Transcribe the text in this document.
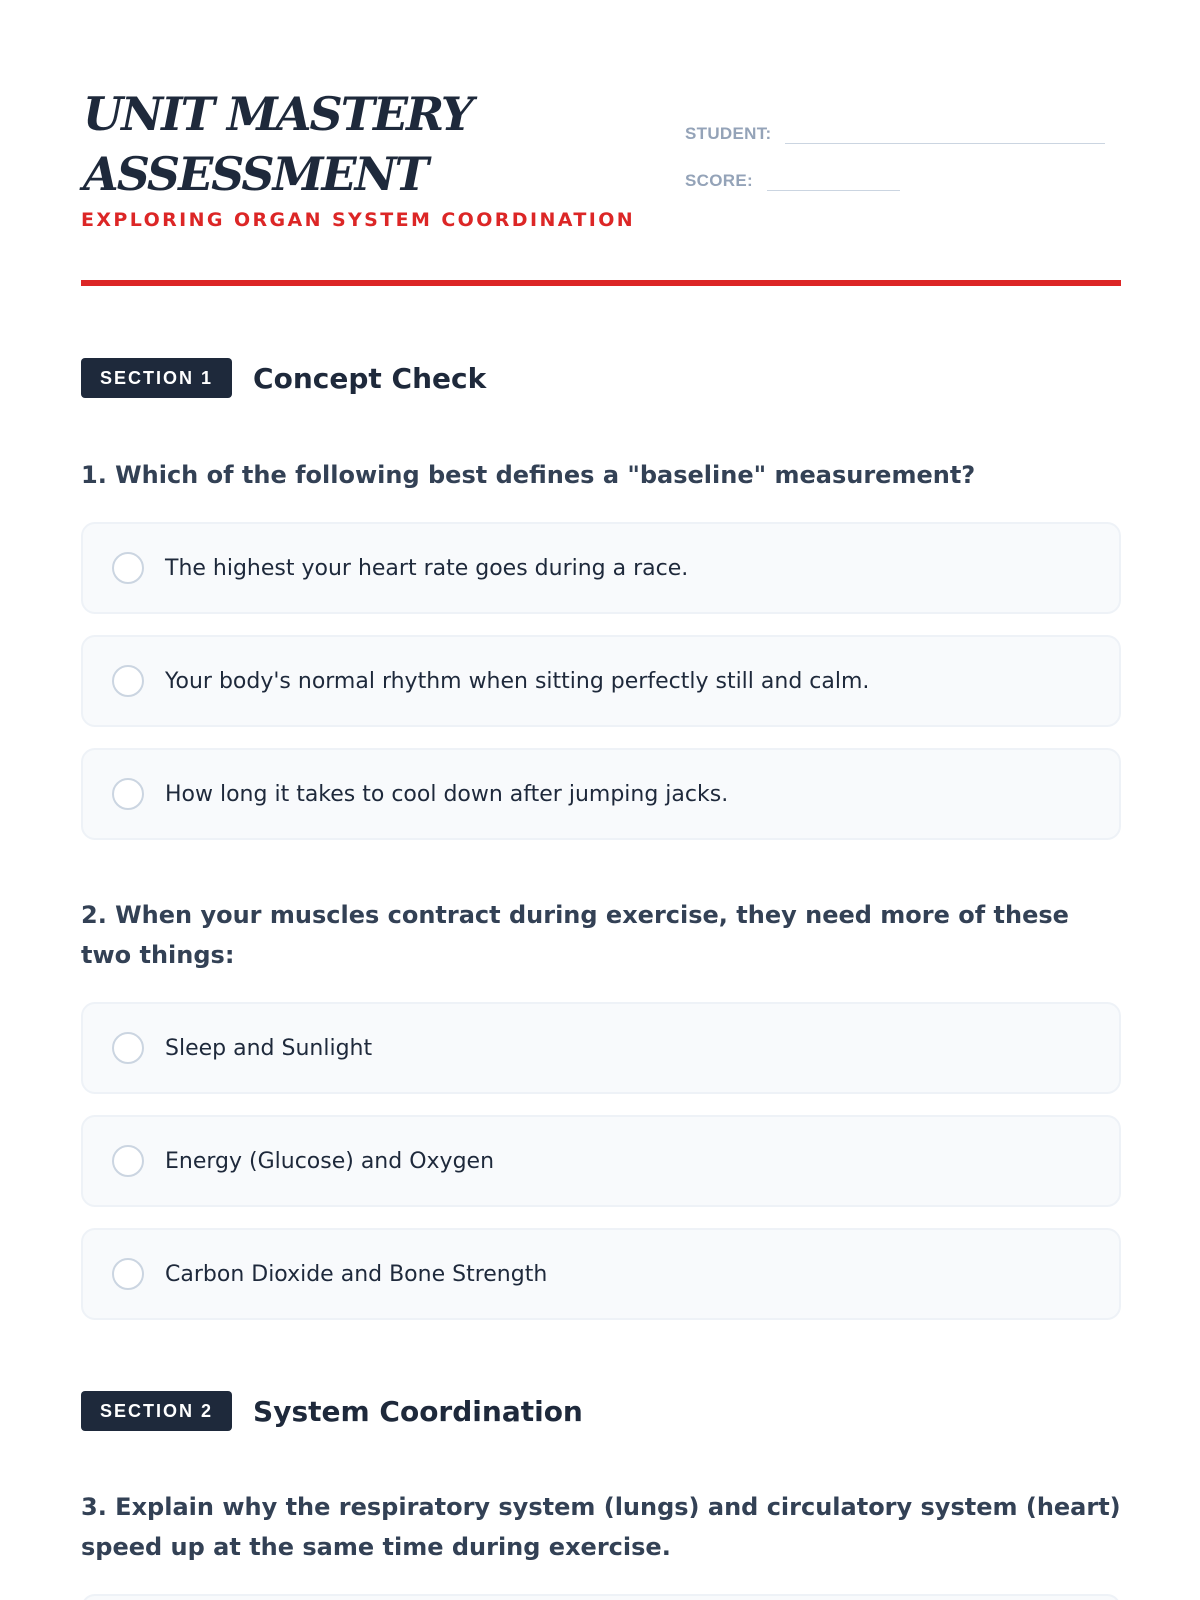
UNIT MASTERY
ASSESSMENT
EXPLORING ORGAN SYSTEM COORDINATION
STUDENT:
SCORE:
SECTION 1	Concept Check
1. Which of the following best defines a "baseline" measurement?
The highest your heart rate goes during a race.
Your body's normal rhythm when sitting perfectly still and calm.
How long it takes to cool down after jumping jacks.
2. When your muscles contract during exercise, they need more of these two things:
Sleep and Sunlight
Energy (Glucose) and Oxygen
Carbon Dioxide and Bone Strength
SECTION 2	System Coordination
3. Explain why the respiratory system (lungs) and circulatory system (heart) speed up at the same time during exercise.
